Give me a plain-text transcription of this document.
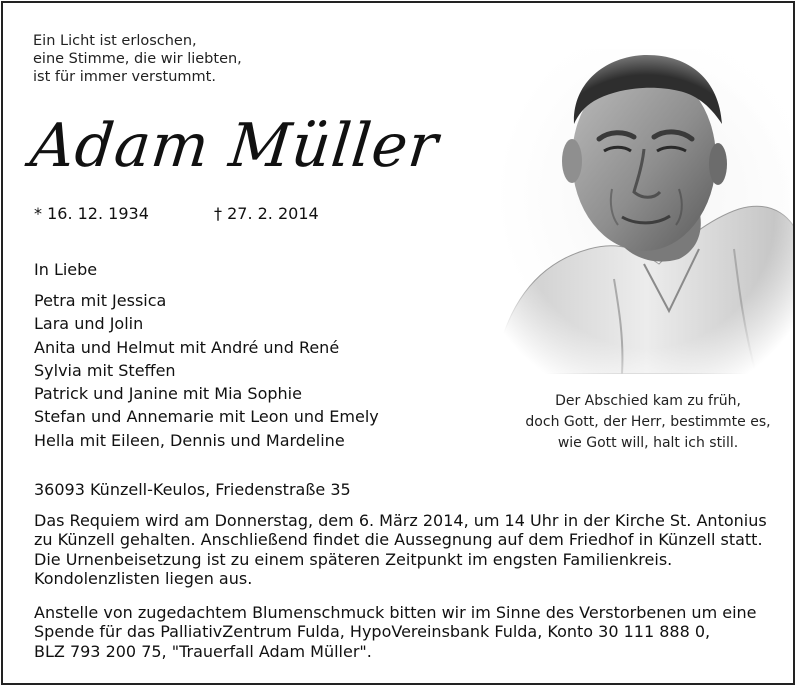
Ein Licht ist erloschen,
eine Stimme, die wir liebten,
ist für immer verstummt.
Adam Müller
* 16. 12. 1934	† 27. 2. 2014
In Liebe
Petra mit Jessica
Lara und Jolin
Anita und Helmut mit André und René
Sylvia mit Steffen
Patrick und Janine mit Mia Sophie
Stefan und Annemarie mit Leon und Emely
Hella mit Eileen, Dennis und Mardeline
Der Abschied kam zu früh,
doch Gott, der Herr, bestimmte es,
wie Gott will, halt ich still.
36093 Künzell-Keulos, Friedenstraße 35
Das Requiem wird am Donnerstag, dem 6. März 2014, um 14 Uhr in der Kirche St. Antonius
zu Künzell gehalten. Anschließend findet die Aussegnung auf dem Friedhof in Künzell statt.
Die Urnenbeisetzung ist zu einem späteren Zeitpunkt im engsten Familienkreis.
Kondolenzlisten liegen aus.
Anstelle von zugedachtem Blumenschmuck bitten wir im Sinne des Verstorbenen um eine
Spende für das PalliativZentrum Fulda, HypoVereinsbank Fulda, Konto 30 111 888 0,
BLZ 793 200 75, "Trauerfall Adam Müller".
